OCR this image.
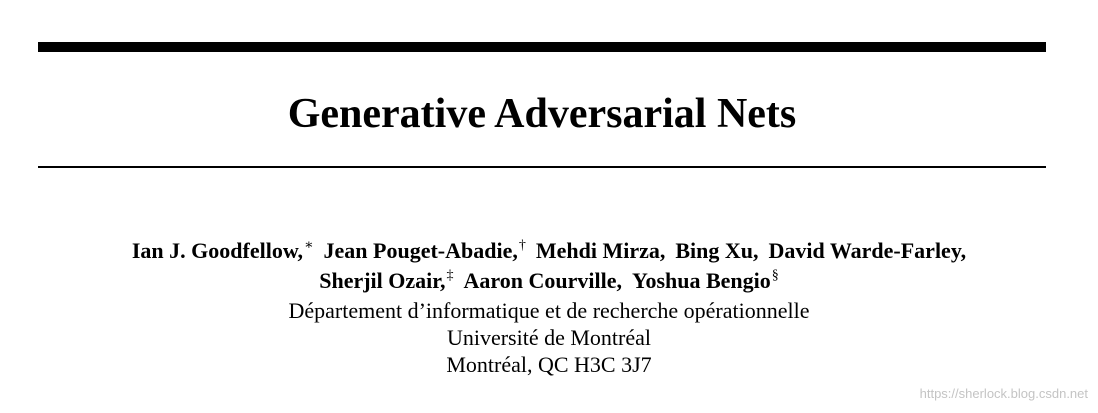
Generative Adversarial Nets
Ian J. Goodfellow,∗ Jean Pouget-Abadie,† Mehdi Mirza, Bing Xu, David Warde-Farley,
Sherjil Ozair,‡ Aaron Courville, Yoshua Bengio§
Département d’informatique et de recherche opérationnelle
Université de Montréal
Montréal, QC H3C 3J7
https://sherlock.blog.csdn.net
